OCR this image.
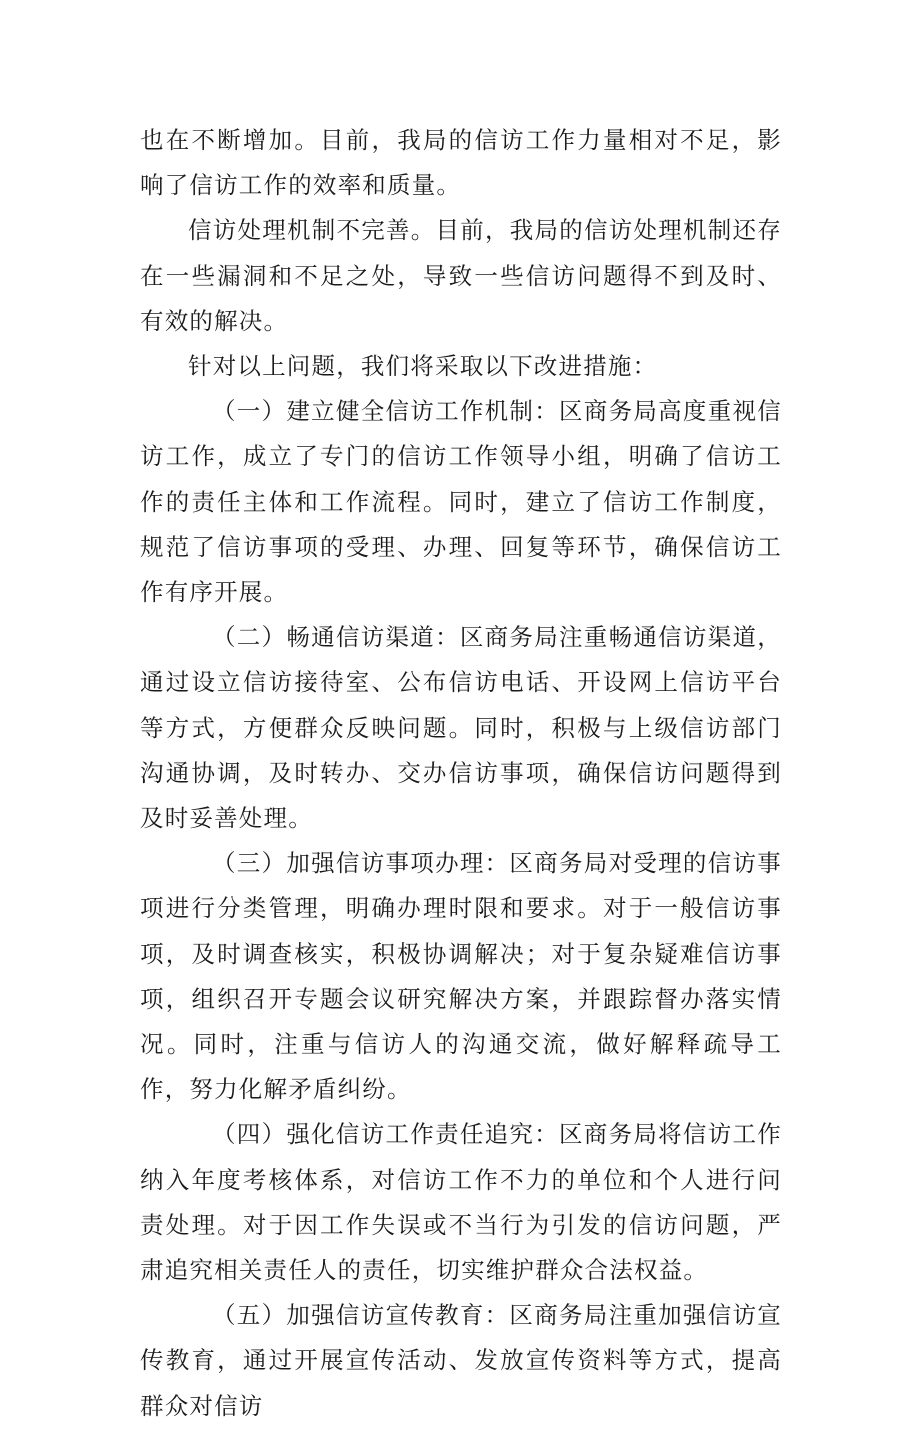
也在不断增加。目前，我局的信访工作力量相对不足，影响了信访工作的效率和质量。

信访处理机制不完善。目前，我局的信访处理机制还存在一些漏洞和不足之处，导致一些信访问题得不到及时、有效的解决。

针对以上问题，我们将采取以下改进措施：

（一）建立健全信访工作机制：区商务局高度重视信访工作，成立了专门的信访工作领导小组，明确了信访工作的责任主体和工作流程。同时，建立了信访工作制度，规范了信访事项的受理、办理、回复等环节，确保信访工作有序开展。

（二）畅通信访渠道：区商务局注重畅通信访渠道，通过设立信访接待室、公布信访电话、开设网上信访平台等方式，方便群众反映问题。同时，积极与上级信访部门沟通协调，及时转办、交办信访事项，确保信访问题得到及时妥善处理。

（三）加强信访事项办理：区商务局对受理的信访事项进行分类管理，明确办理时限和要求。对于一般信访事项，及时调查核实，积极协调解决；对于复杂疑难信访事项，组织召开专题会议研究解决方案，并跟踪督办落实情况。同时，注重与信访人的沟通交流，做好解释疏导工作，努力化解矛盾纠纷。

（四）强化信访工作责任追究：区商务局将信访工作纳入年度考核体系，对信访工作不力的单位和个人进行问责处理。对于因工作失误或不当行为引发的信访问题，严肃追究相关责任人的责任，切实维护群众合法权益。

（五）加强信访宣传教育：区商务局注重加强信访宣传教育，通过开展宣传活动、发放宣传资料等方式，提高群众对信访
